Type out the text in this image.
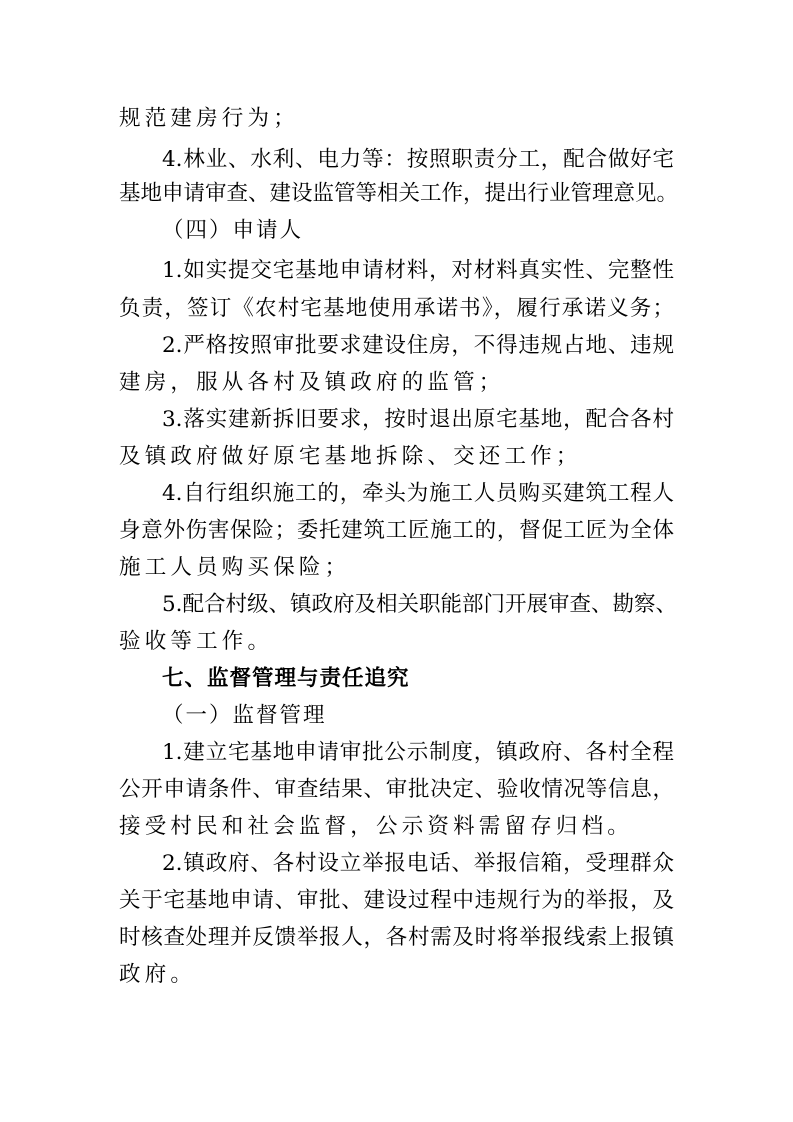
规范建房行为；
4.林业、水利、电力等：按照职责分工，配合做好宅
基地申请审查、建设监管等相关工作，提出行业管理意见。
（四）申请人
1.如实提交宅基地申请材料，对材料真实性、完整性
负责，签订《农村宅基地使用承诺书》，履行承诺义务；
2.严格按照审批要求建设住房，不得违规占地、违规
建房，服从各村及镇政府的监管；
3.落实建新拆旧要求，按时退出原宅基地，配合各村
及镇政府做好原宅基地拆除、交还工作；
4.自行组织施工的，牵头为施工人员购买建筑工程人
身意外伤害保险；委托建筑工匠施工的，督促工匠为全体
施工人员购买保险；
5.配合村级、镇政府及相关职能部门开展审查、勘察、
验收等工作。
七、监督管理与责任追究
（一）监督管理
1.建立宅基地申请审批公示制度，镇政府、各村全程
公开申请条件、审查结果、审批决定、验收情况等信息，
接受村民和社会监督，公示资料需留存归档。
2.镇政府、各村设立举报电话、举报信箱，受理群众
关于宅基地申请、审批、建设过程中违规行为的举报，及
时核查处理并反馈举报人，各村需及时将举报线索上报镇
政府。
